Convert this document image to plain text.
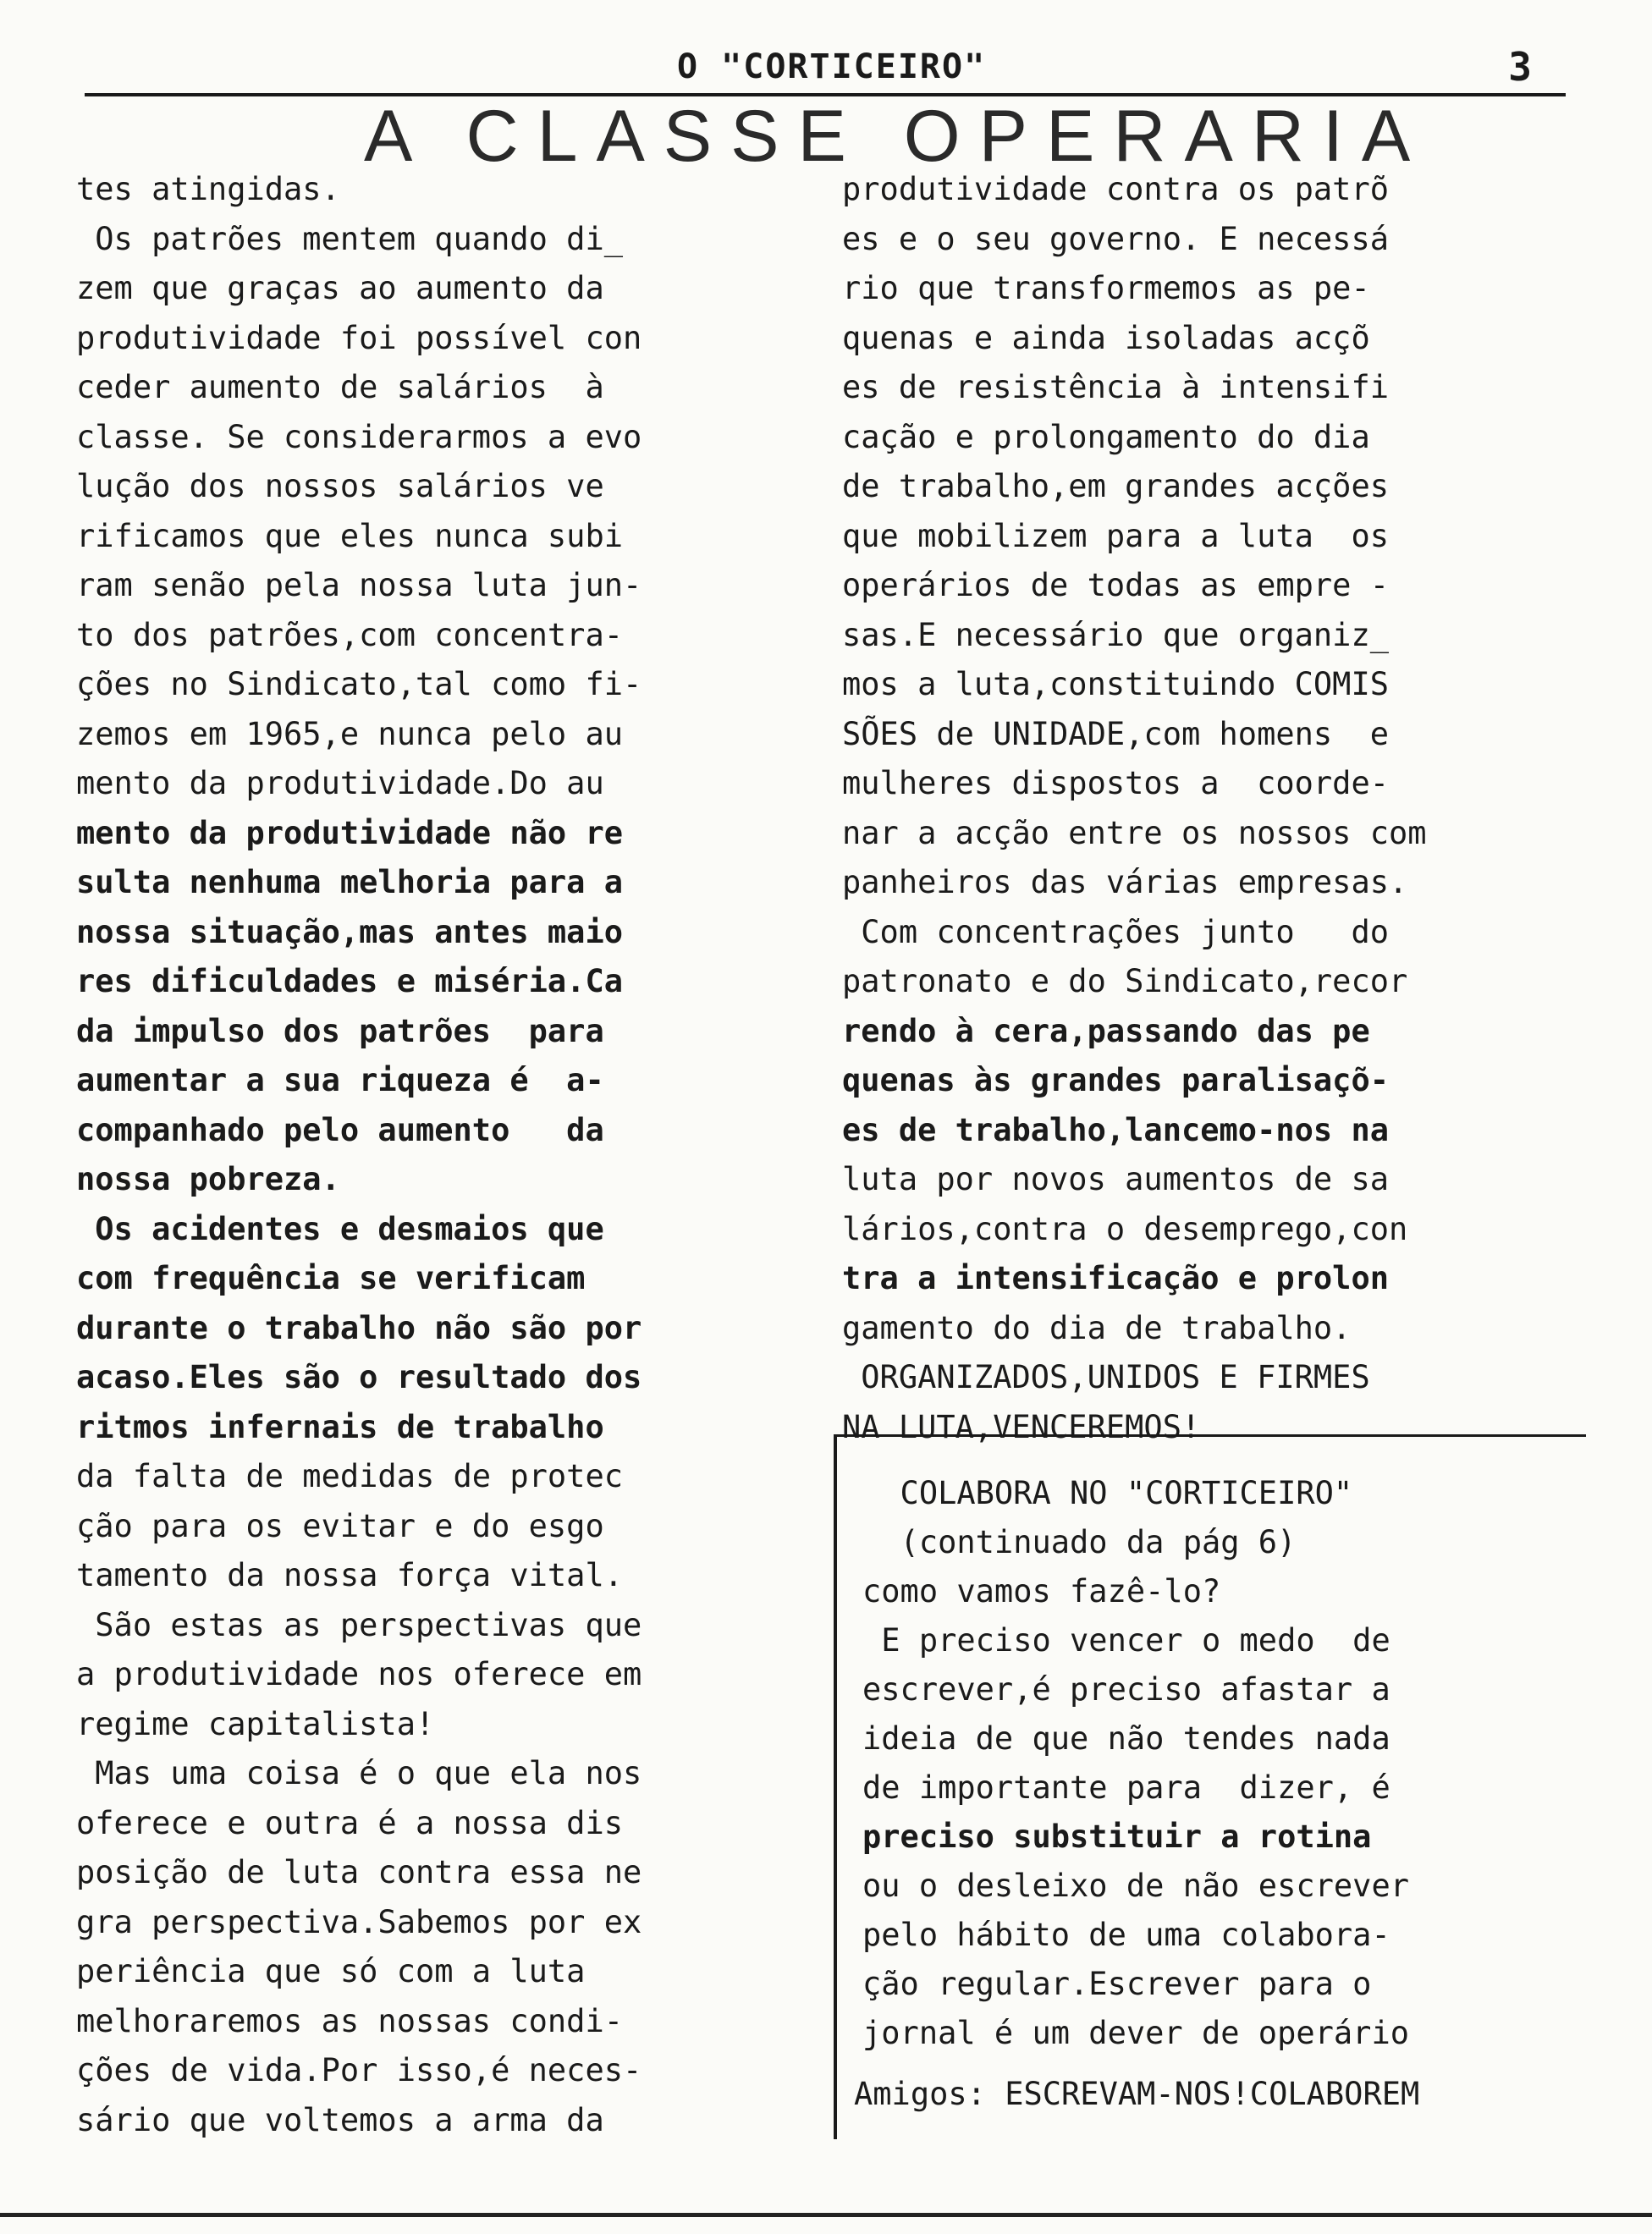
O "CORTICEIRO"	3
A CLASSE OPERARIA
tes atingidas.
Os patrões mentem quando di_
zem que graças ao aumento da
produtividade foi possível con
ceder aumento de salários  à
classe. Se considerarmos a evo
lução dos nossos salários ve
rificamos que eles nunca subi
ram senão pela nossa luta jun-
to dos patrões,com concentra-
ções no Sindicato,tal como fi-
zemos em 1965,e nunca pelo au
mento da produtividade.Do au
mento da produtividade não re
sulta nenhuma melhoria para a
nossa situação,mas antes maio
res dificuldades e miséria.Ca
da impulso dos patrões  para
aumentar a sua riqueza é  a-
companhado pelo aumento   da
nossa pobreza.
Os acidentes e desmaios que
com frequência se verificam
durante o trabalho não são por
acaso.Eles são o resultado dos
ritmos infernais de trabalho
da falta de medidas de protec
ção para os evitar e do esgo
tamento da nossa força vital.
São estas as perspectivas que
a produtividade nos oferece em
regime capitalista!
Mas uma coisa é o que ela nos
oferece e outra é a nossa dis
posição de luta contra essa ne
gra perspectiva.Sabemos por ex
periência que só com a luta
melhoraremos as nossas condi-
ções de vida.Por isso,é neces-
sário que voltemos a arma da
produtividade contra os patrõ
es e o seu governo. E necessá
rio que transformemos as pe-
quenas e ainda isoladas acçõ
es de resistência à intensifi
cação e prolongamento do dia
de trabalho,em grandes acções
que mobilizem para a luta  os
operários de todas as empre -
sas.E necessário que organiz_
mos a luta,constituindo COMIS
SÕES de UNIDADE,com homens  e
mulheres dispostos a  coorde-
nar a acção entre os nossos com
panheiros das várias empresas.
Com concentrações junto   do
patronato e do Sindicato,recor
rendo à cera,passando das pe
quenas às grandes paralisaçõ-
es de trabalho,lancemo-nos na
luta por novos aumentos de sa
lários,contra o desemprego,con
tra a intensificação e prolon
gamento do dia de trabalho.
ORGANIZADOS,UNIDOS E FIRMES
NA LUTA,VENCEREMOS!
COLABORA NO "CORTICEIRO"
(continuado da pág 6)
como vamos fazê-lo?
E preciso vencer o medo  de
escrever,é preciso afastar a
ideia de que não tendes nada
de importante para  dizer, é
preciso substituir a rotina
ou o desleixo de não escrever
pelo hábito de uma colabora-
ção regular.Escrever para o
jornal é um dever de operário
Amigos: ESCREVAM-NOS!COLABOREM
